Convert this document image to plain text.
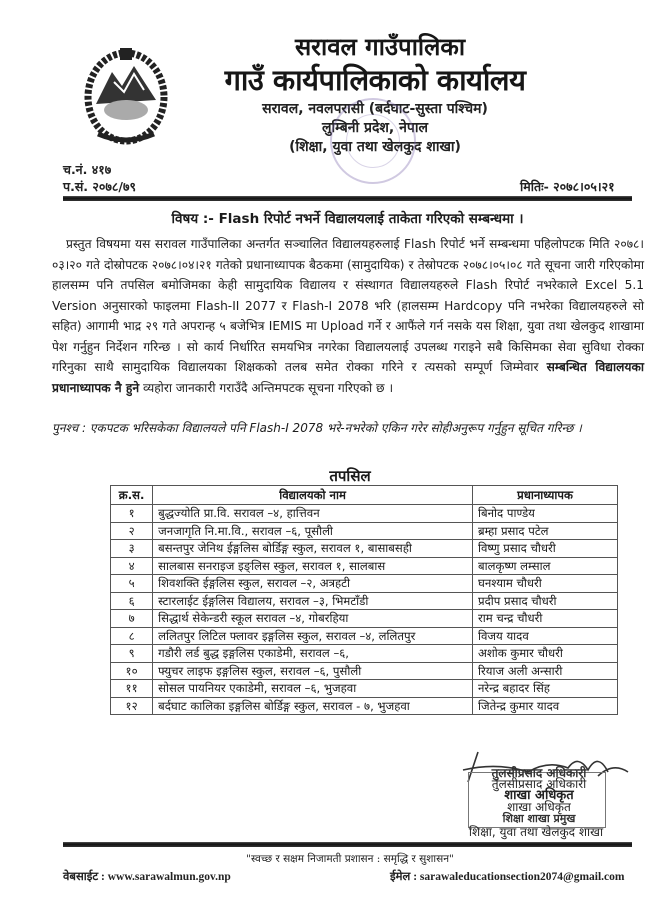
सरावल गाउँपालिका
गाउँ कार्यपालिकाको कार्यालय
सरावल, नवलपरासी (बर्दघाट-सुस्ता पश्चिम)
लुम्बिनी प्रदेश, नेपाल
(शिक्षा, युवा तथा खेलकुद शाखा)
च.नं. ४१७
प.सं. २०७८/७९	मितिः- २०७८।०५।२१
विषय :- Flash रिपोर्ट नभर्ने विद्यालयलाई ताकेता गरिएको सम्बन्धमा ।

प्रस्तुत विषयमा यस सरावल गाउँपालिका अन्तर्गत सञ्चालित विद्यालयहरुलाई Flash रिपोर्ट भर्ने सम्बन्धमा पहिलोपटक मिति २०७८।०३।२० गते दोस्रोपटक २०७८।०४।२१ गतेको प्रधानाध्यापक बैठकमा (सामुदायिक) र तेस्रोपटक २०७८।०५।०८ गते सूचना जारी गरिएकोमा हालसम्म पनि तपसिल बमोजिमका केही सामुदायिक विद्यालय र संस्थागत विद्यालयहरुले Flash रिपोर्ट नभरेकाले Excel 5.1 Version अनुसारको फाइलमा Flash-II 2077 र Flash-I 2078 भरि (हालसम्म Hardcopy पनि नभरेका विद्यालयहरुले सो सहित) आगामी भाद्र २९ गते अपरान्ह ५ बजेभित्र IEMIS मा Upload गर्ने र आफैंले गर्न नसके यस शिक्षा, युवा तथा खेलकुद शाखामा पेश गर्नुहुन निर्देशन गरिन्छ । सो कार्य निर्धारित समयभित्र नगरेका विद्यालयलाई उपलब्ध गराइने सबै किसिमका सेवा सुविधा रोक्का गरिनुका साथै सामुदायिक विद्यालयका शिक्षकको तलब समेत रोक्का गरिने र त्यसको सम्पूर्ण जिम्मेवार सम्बन्धित विद्यालयका प्रधानाध्यापक नै हुने व्यहोरा जानकारी गराउँदै अन्तिमपटक सूचना गरिएको छ ।

पुनश्च : एकपटक भरिसकेका विद्यालयले पनि Flash-I 2078 भरे-नभरेको एकिन गरेर सोहीअनुरूप गर्नुहुन सूचित गरिन्छ ।
तपसिल
क्र.स.	विद्यालयको नाम	प्रधानाध्यापक
१	बुद्धज्योति प्रा.वि. सरावल –४, हात्तिवन	बिनोद पाण्डेय
२	जनजागृति नि.मा.वि., सरावल –६, पूसौली	ब्रम्हा प्रसाद पटेल
३	बसन्तपुर जेनिथ ईङ्गलिस बोर्डिङ्ग स्कुल, सरावल १, बासाबसही	विष्णु प्रसाद चौधरी
४	सालबास सनराइज इङ्लिस स्कुल, सरावल १, सालबास	बालकृष्ण लम्साल
५	शिवशक्ति ईङ्गलिस स्कुल, सरावल –२, अत्रहटी	घनश्याम चौधरी
६	स्टारलाईट ईङ्गलिस विद्यालय, सरावल –३, भिमटाँडी	प्रदीप प्रसाद चौधरी
७	सिद्धार्थ सेकेन्डरी स्कूल सरावल –४, गोबरहिया	राम चन्द्र चौधरी
८	ललितपुर लिटिल फ्लावर इङ्गलिस स्कुल, सरावल –४, ललितपुर	विजय यादव
९	गडौरी लर्ड बुद्ध इङ्गलिस एकाडेमी, सरावल –६,	अशोक कुमार चौधरी
१०	फ्युचर लाइफ इङ्गलिस स्कुल, सरावल –६, पुसौली	रियाज अली अन्सारी
११	सोसल पायनियर एकाडेमी, सरावल –६, भुजहवा	नरेन्द्र बहादर सिंह
१२	बर्दघाट कालिका इङ्गलिस बोर्डिङ्ग स्कुल, सरावल - ७, भुजहवा	जितेन्द्र कुमार यादव
तुलसीप्रसाद अधिकारी
तुलसीप्रसाद अधिकारी
शाखा अधिकृत
शाखा अधिकृत
शिक्षा शाखा प्रमुख
शिक्षा, युवा तथा खेलकुद शाखा
"स्वच्छ र सक्षम निजामती प्रशासन : समृद्धि र सुशासन"
वेबसाईट : www.sarawalmun.gov.np	ईमेल : sarawaleducationsection2074@gmail.com
